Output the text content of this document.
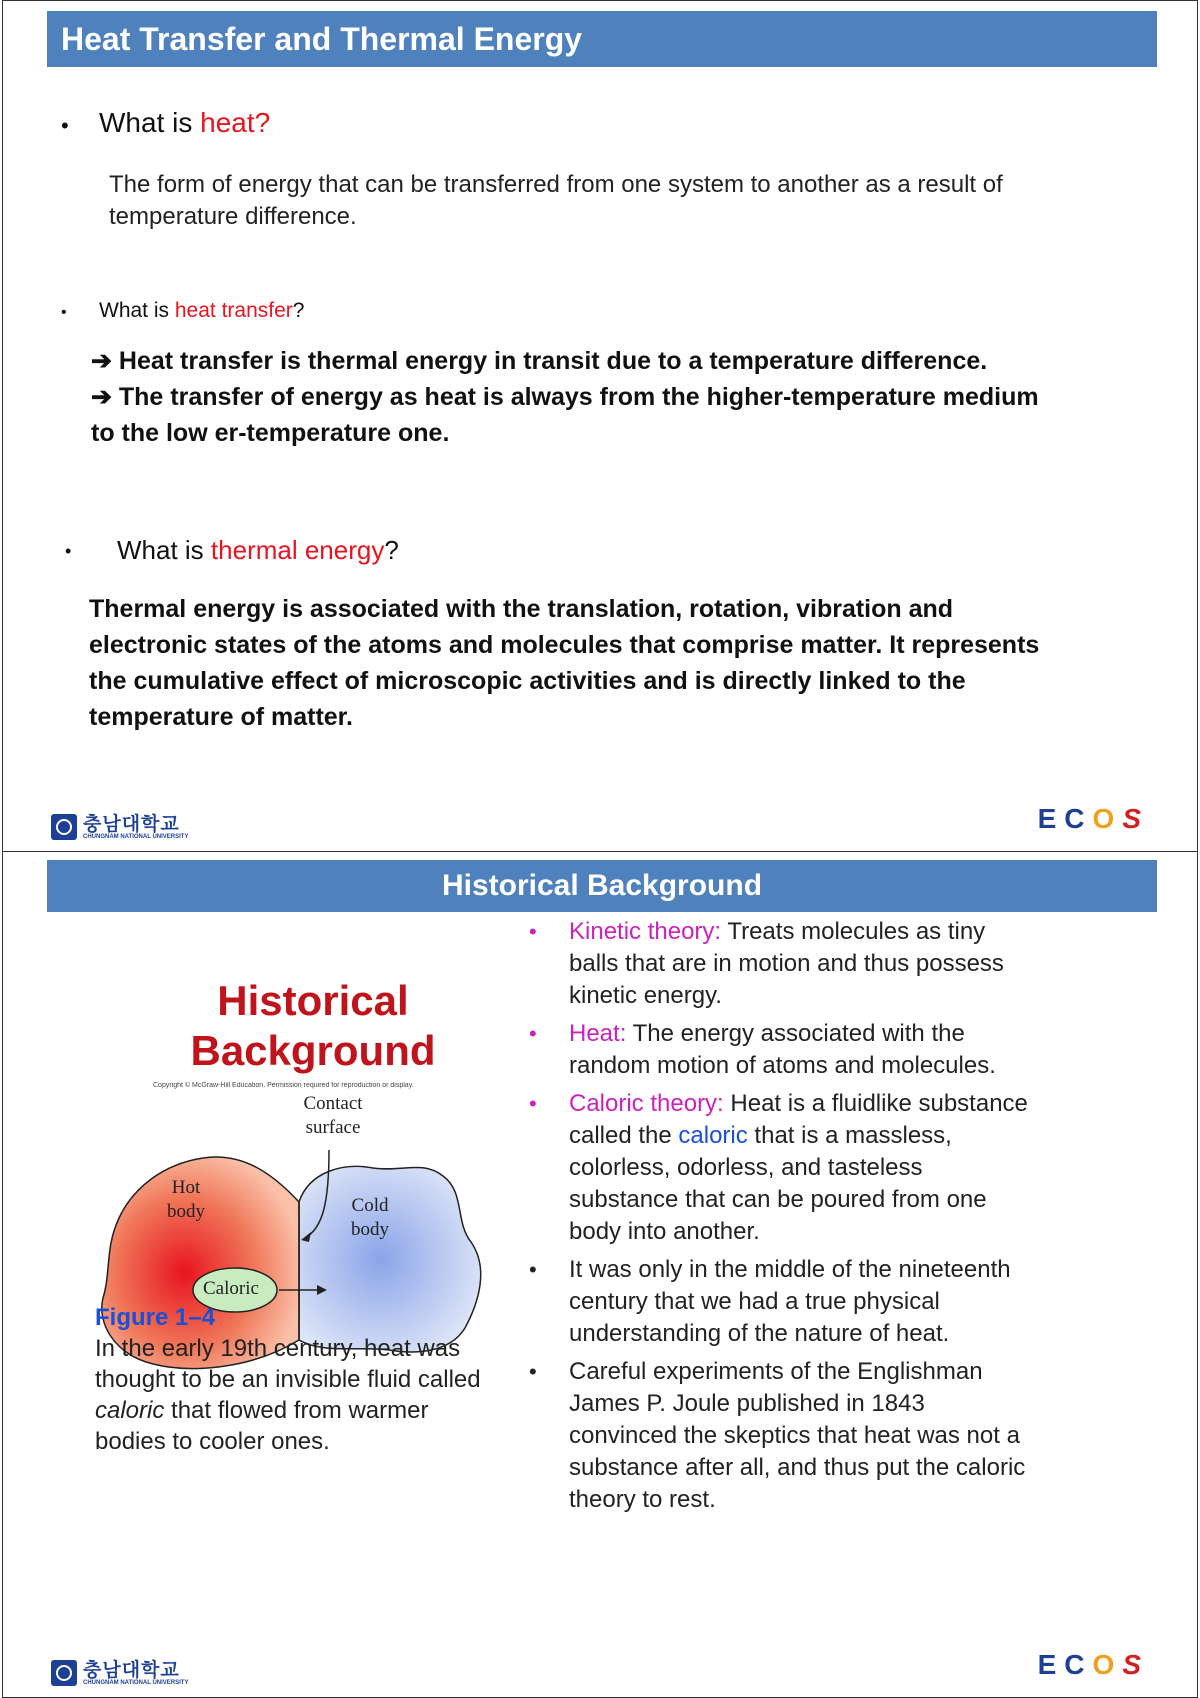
Heat Transfer and Thermal Energy
• What is heat?
The form of energy that can be transferred from one system to another as a result of temperature difference.
• What is heat transfer?
➔ Heat transfer is thermal energy in transit due to a temperature difference.
➔ The transfer of energy as heat is always from the higher-temperature medium to the low er-temperature one.
• What is thermal energy?
Thermal energy is associated with the translation, rotation, vibration and electronic states of the atoms and molecules that comprise matter. It represents the cumulative effect of microscopic activities and is directly linked to the temperature of matter.
충남대학교
CHUNGNAM NATIONAL UNIVERSITY
ECOS
Historical Background
Historical
Background
Copyright © McGraw-Hill Education. Permission required for reproduction or display.
Contact
surface
Hot
body	Cold
body
Caloric
Figure 1–4
In the early 19th century, heat was thought to be an invisible fluid called caloric that flowed from warmer bodies to cooler ones.
• Kinetic theory: Treats molecules as tiny balls that are in motion and thus possess kinetic energy.
• Heat: The energy associated with the random motion of atoms and molecules.
• Caloric theory: Heat is a fluidlike substance called the caloric that is a massless, colorless, odorless, and tasteless substance that can be poured from one body into another.
• It was only in the middle of the nineteenth century that we had a true physical understanding of the nature of heat.
• Careful experiments of the Englishman James P. Joule published in 1843 convinced the skeptics that heat was not a substance after all, and thus put the caloric theory to rest.
충남대학교
CHUNGNAM NATIONAL UNIVERSITY
ECOS
